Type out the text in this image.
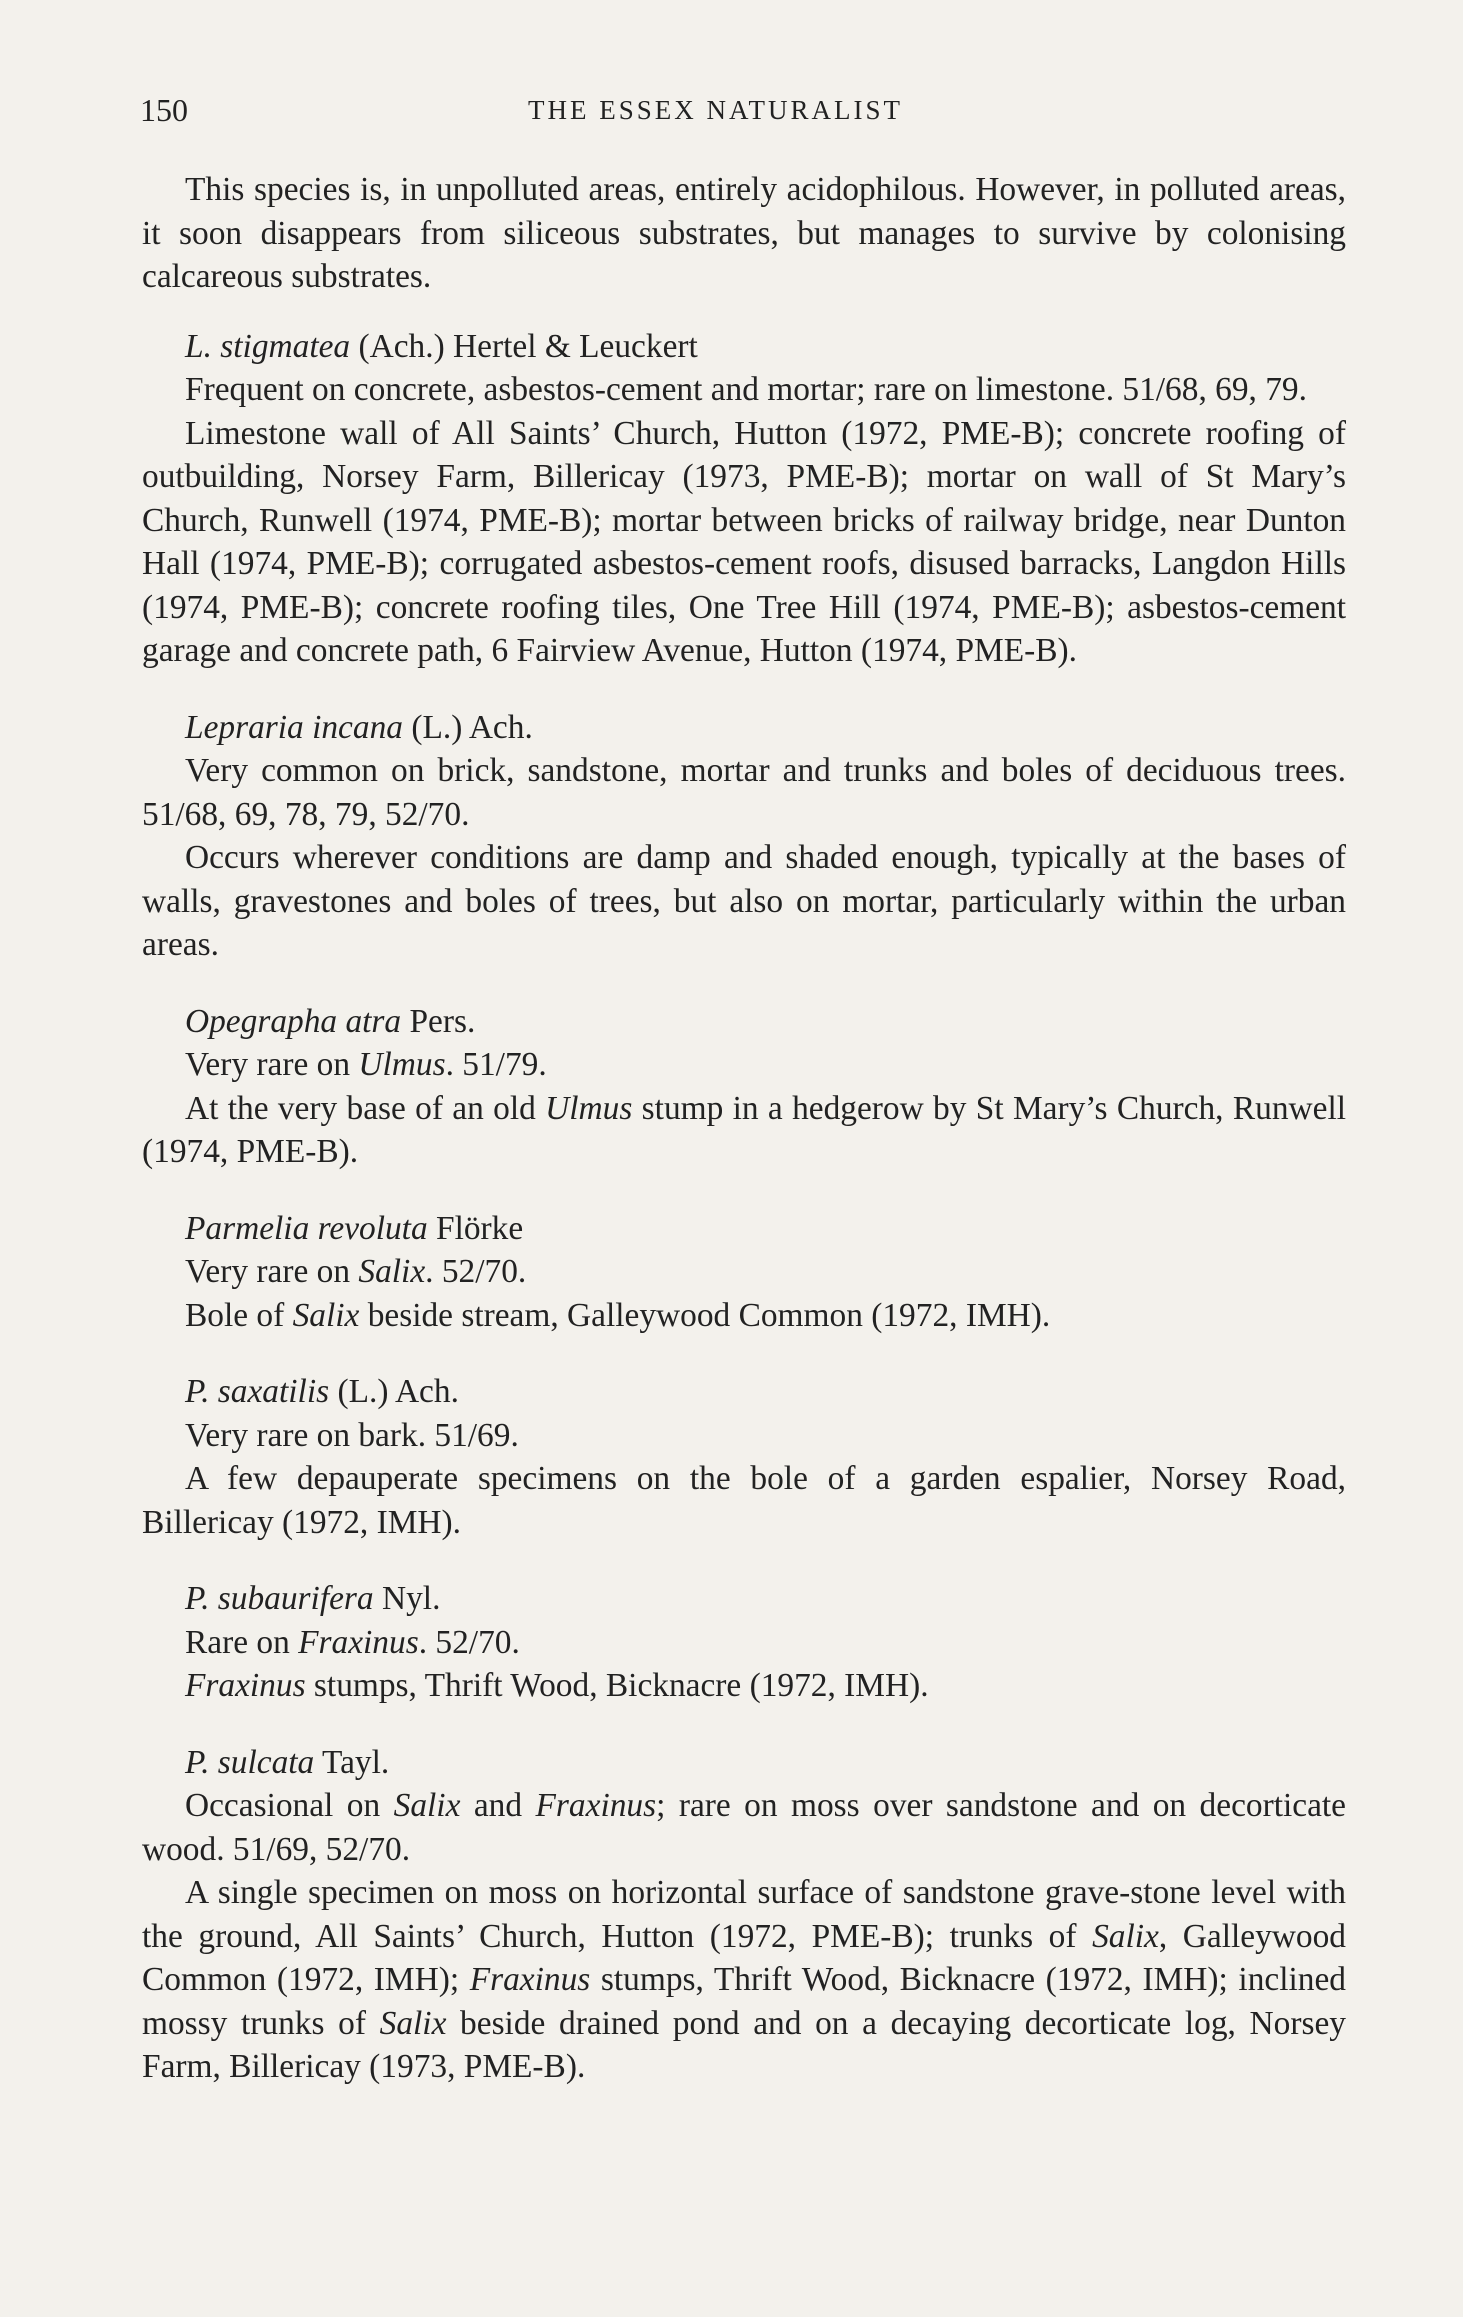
150	THE ESSEX NATURALIST

This species is, in unpolluted areas, entirely acidophilous. However, in polluted areas, it soon disappears from siliceous substrates, but manages to survive by colonising calcareous substrates.

L. stigmatea (Ach.) Hertel & Leuckert

Frequent on concrete, asbestos-cement and mortar; rare on limestone. 51/68, 69, 79.

Limestone wall of All Saints’ Church, Hutton (1972, PME-B); concrete roofing of outbuilding, Norsey Farm, Billericay (1973, PME-B); mortar on wall of St Mary’s Church, Runwell (1974, PME-B); mortar between bricks of railway bridge, near Dunton Hall (1974, PME-B); corrugated asbestos-cement roofs, disused barracks, Langdon Hills (1974, PME-B); concrete roofing tiles, One Tree Hill (1974, PME-B); asbestos-cement garage and concrete path, 6 Fairview Avenue, Hutton (1974, PME-B).

Lepraria incana (L.) Ach.

Very common on brick, sandstone, mortar and trunks and boles of deciduous trees. 51/68, 69, 78, 79, 52/70.

Occurs wherever conditions are damp and shaded enough, typically at the bases of walls, gravestones and boles of trees, but also on mortar, particularly within the urban areas.

Opegrapha atra Pers.

Very rare on Ulmus. 51/79.

At the very base of an old Ulmus stump in a hedgerow by St Mary’s Church, Runwell (1974, PME-B).

Parmelia revoluta Flörke

Very rare on Salix. 52/70.

Bole of Salix beside stream, Galleywood Common (1972, IMH).

P. saxatilis (L.) Ach.

Very rare on bark. 51/69.

A few depauperate specimens on the bole of a garden espalier, Norsey Road, Billericay (1972, IMH).

P. subaurifera Nyl.

Rare on Fraxinus. 52/70.

Fraxinus stumps, Thrift Wood, Bicknacre (1972, IMH).

P. sulcata Tayl.

Occasional on Salix and Fraxinus; rare on moss over sandstone and on decorticate wood. 51/69, 52/70.

A single specimen on moss on horizontal surface of sandstone grave-stone level with the ground, All Saints’ Church, Hutton (1972, PME-B); trunks of Salix, Galleywood Common (1972, IMH); Fraxinus stumps, Thrift Wood, Bicknacre (1972, IMH); inclined mossy trunks of Salix beside drained pond and on a decaying decorticate log, Norsey Farm, Billericay (1973, PME-B).
